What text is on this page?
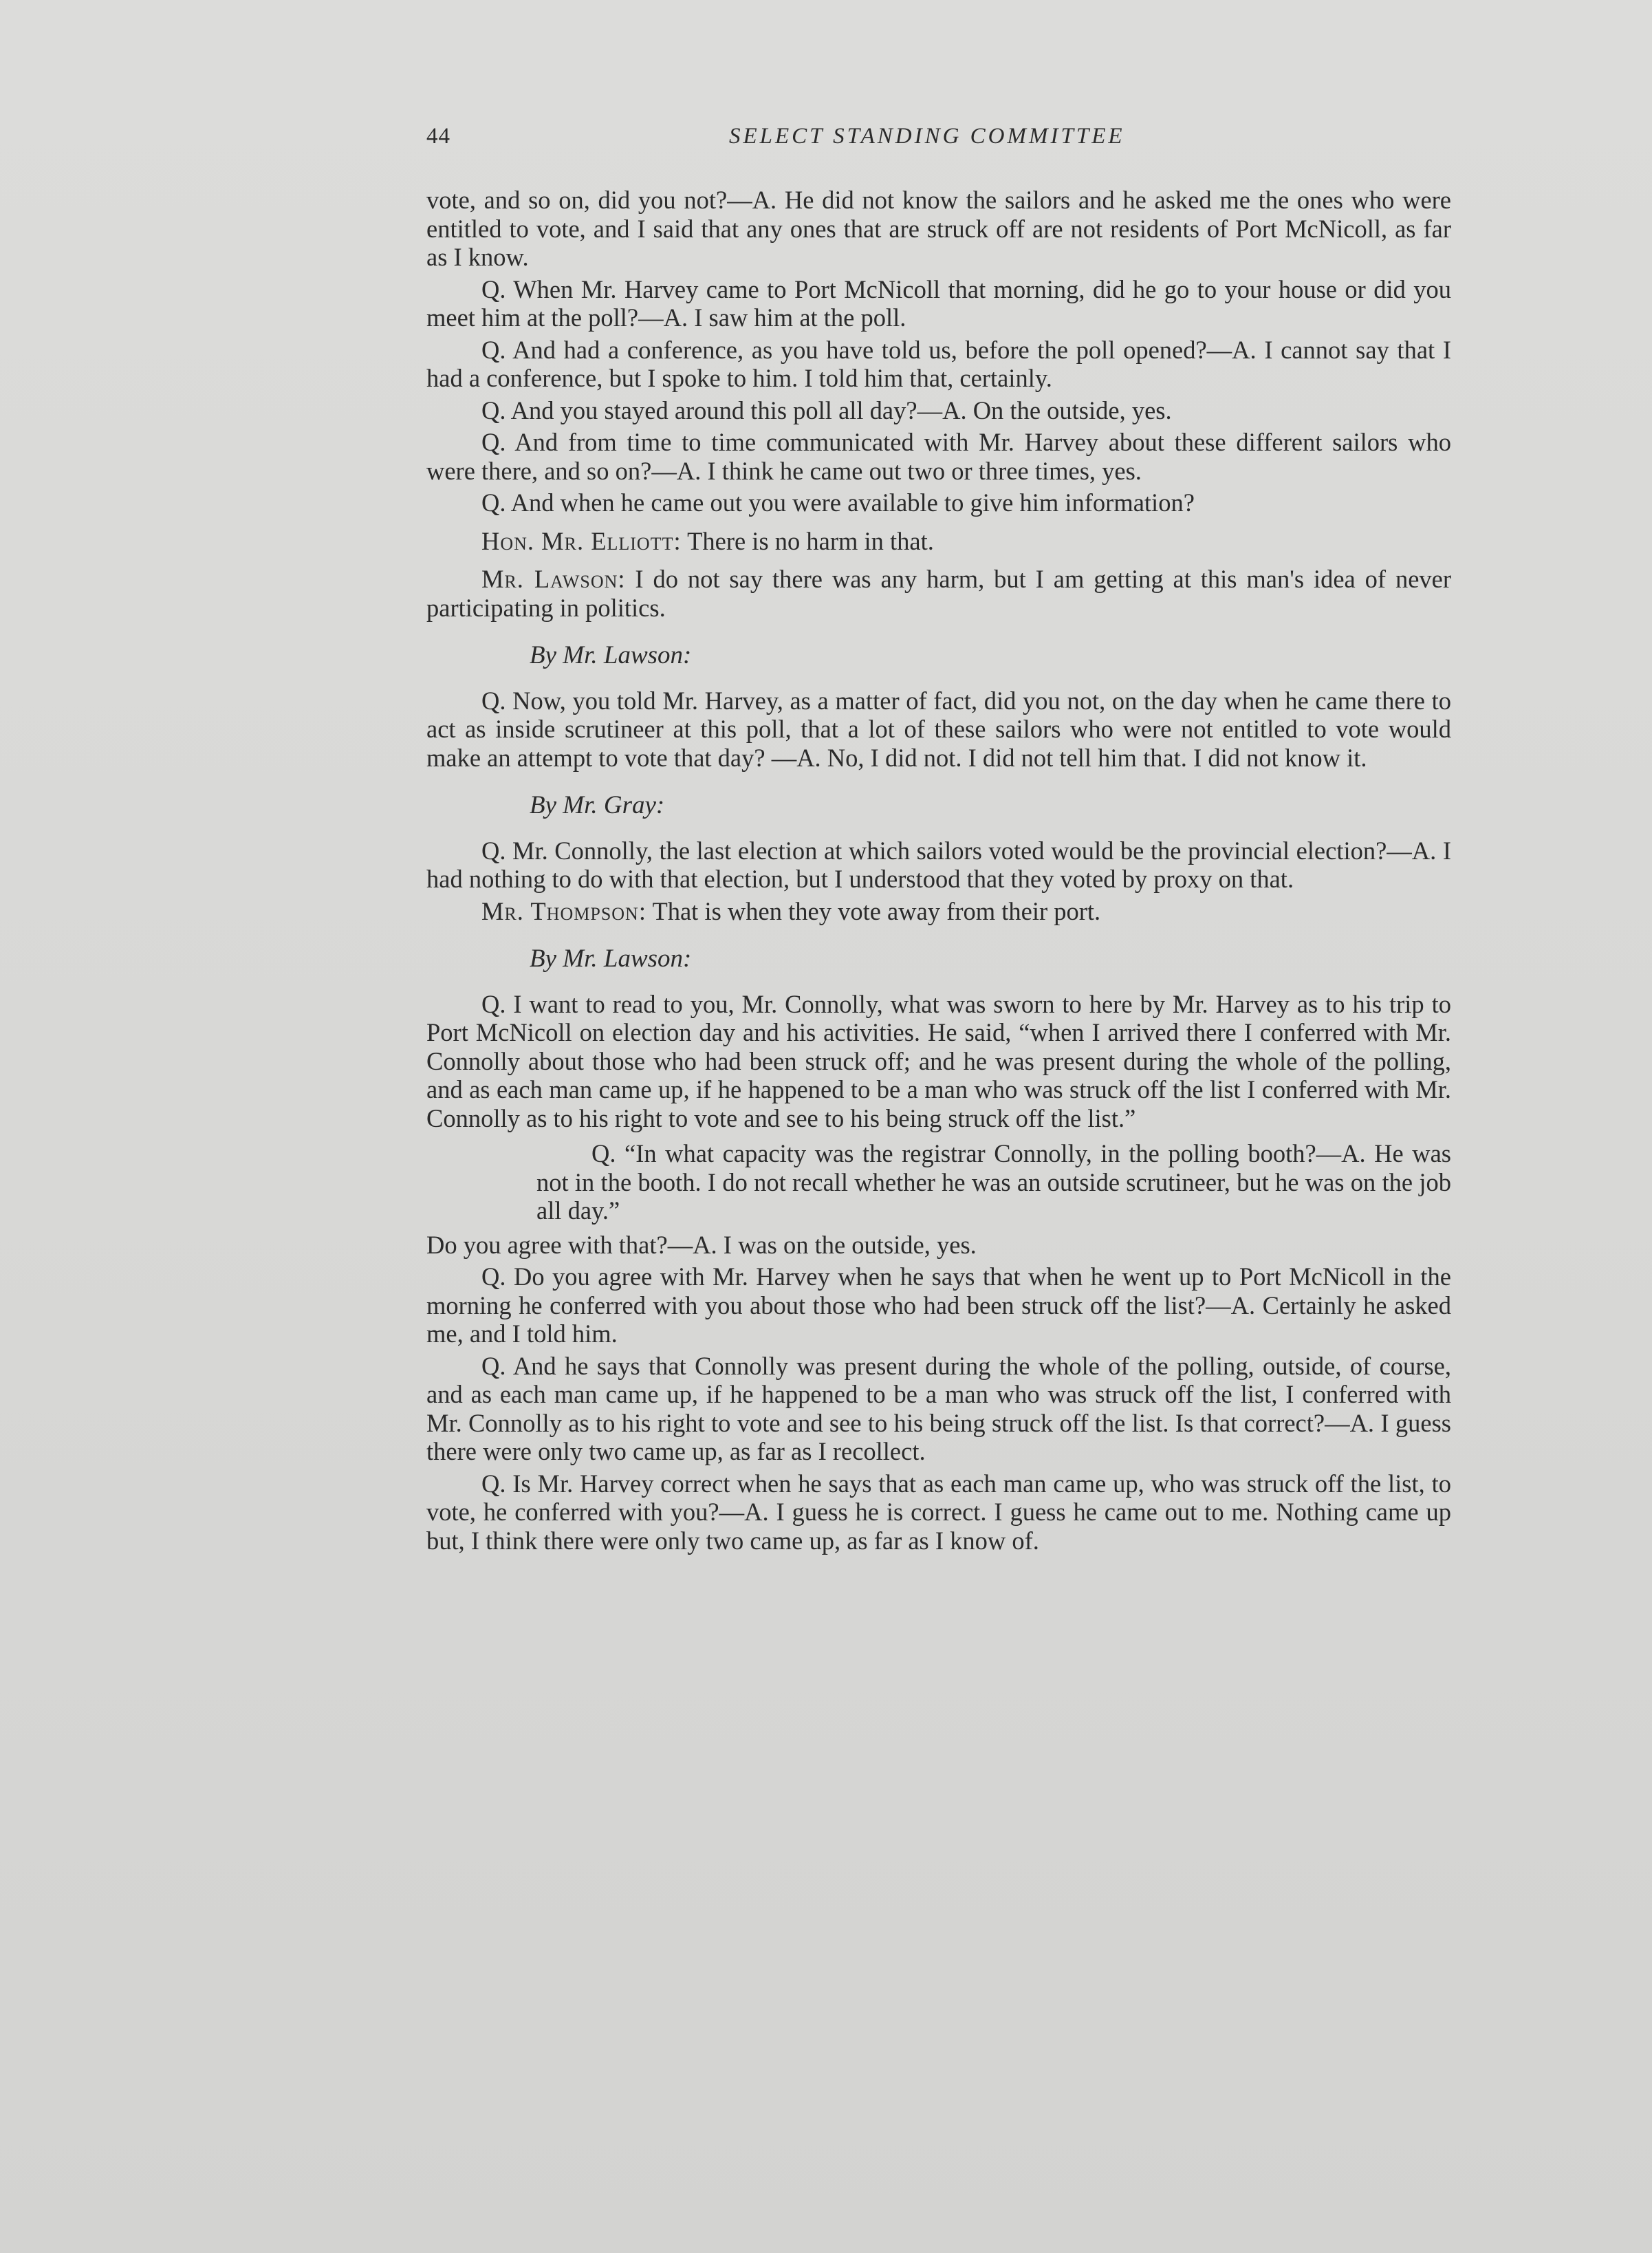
44	SELECT STANDING COMMITTEE

vote, and so on, did you not?—A. He did not know the sailors and he asked me the ones who were entitled to vote, and I said that any ones that are struck off are not residents of Port McNicoll, as far as I know.

Q. When Mr. Harvey came to Port McNicoll that morning, did he go to your house or did you meet him at the poll?—A. I saw him at the poll.

Q. And had a conference, as you have told us, before the poll opened?—A. I cannot say that I had a conference, but I spoke to him. I told him that, certainly.

Q. And you stayed around this poll all day?—A. On the outside, yes.

Q. And from time to time communicated with Mr. Harvey about these different sailors who were there, and so on?—A. I think he came out two or three times, yes.

Q. And when he came out you were available to give him information?

Hon. Mr. Elliott: There is no harm in that.

Mr. Lawson: I do not say there was any harm, but I am getting at this man's idea of never participating in politics.

By Mr. Lawson:

Q. Now, you told Mr. Harvey, as a matter of fact, did you not, on the day when he came there to act as inside scrutineer at this poll, that a lot of these sailors who were not entitled to vote would make an attempt to vote that day? —A. No, I did not. I did not tell him that. I did not know it.

By Mr. Gray:

Q. Mr. Connolly, the last election at which sailors voted would be the provincial election?—A. I had nothing to do with that election, but I understood that they voted by proxy on that.

Mr. Thompson: That is when they vote away from their port.

By Mr. Lawson:

Q. I want to read to you, Mr. Connolly, what was sworn to here by Mr. Harvey as to his trip to Port McNicoll on election day and his activities. He said, “when I arrived there I conferred with Mr. Connolly about those who had been struck off; and he was present during the whole of the polling, and as each man came up, if he happened to be a man who was struck off the list I conferred with Mr. Connolly as to his right to vote and see to his being struck off the list.”

Q. “In what capacity was the registrar Connolly, in the polling booth?—A. He was not in the booth. I do not recall whether he was an outside scrutineer, but he was on the job all day.”

Do you agree with that?—A. I was on the outside, yes.

Q. Do you agree with Mr. Harvey when he says that when he went up to Port McNicoll in the morning he conferred with you about those who had been struck off the list?—A. Certainly he asked me, and I told him.

Q. And he says that Connolly was present during the whole of the polling, outside, of course, and as each man came up, if he happened to be a man who was struck off the list, I conferred with Mr. Connolly as to his right to vote and see to his being struck off the list. Is that correct?—A. I guess there were only two came up, as far as I recollect.

Q. Is Mr. Harvey correct when he says that as each man came up, who was struck off the list, to vote, he conferred with you?—A. I guess he is correct. I guess he came out to me. Nothing came up but, I think there were only two came up, as far as I know of.
